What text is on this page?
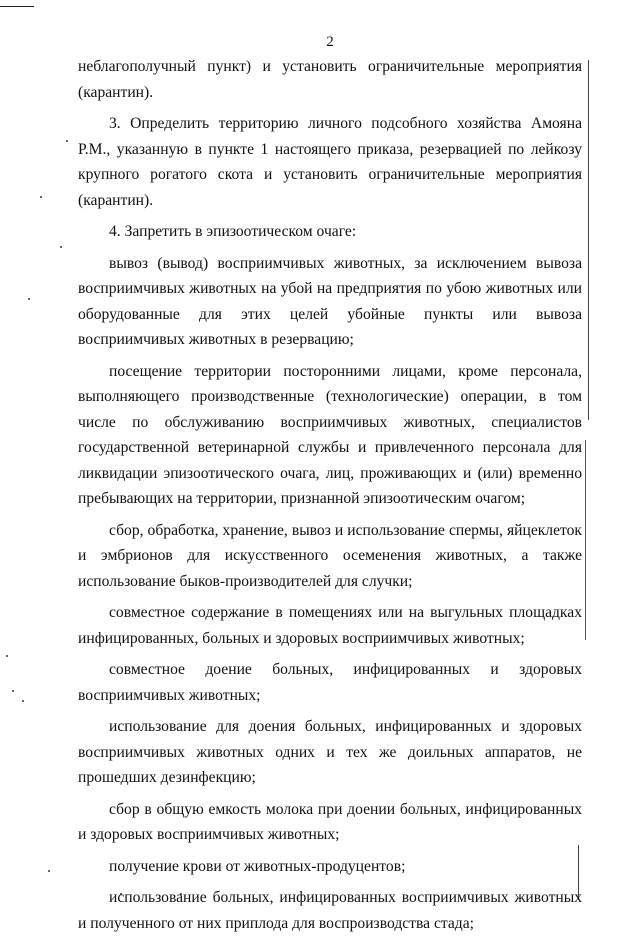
2

неблагополучный пункт) и установить ограничительные мероприятия (карантин).

3. Определить территорию личного подсобного хозяйства Амояна Р.М., указанную в пункте 1 настоящего приказа, резервацией по лейкозу крупного рогатого скота и установить ограничительные мероприятия (карантин).

4. Запретить в эпизоотическом очаге:

вывоз (вывод) восприимчивых животных, за исключением вывоза восприимчивых животных на убой на предприятия по убою животных или оборудованные для этих целей убойные пункты или вывоза восприимчивых животных в резервацию;

посещение территории посторонними лицами, кроме персонала, выполняющего производственные (технологические) операции, в том числе по обслуживанию восприимчивых животных, специалистов государственной ветеринарной службы и привлеченного персонала для ликвидации эпизоотического очага, лиц, проживающих и (или) временно пребывающих на территории, признанной эпизоотическим очагом;

сбор, обработка, хранение, вывоз и использование спермы, яйцеклеток и эмбрионов для искусственного осеменения животных, а также использование быков-производителей для случки;

совместное содержание в помещениях или на выгульных площадках инфицированных, больных и здоровых восприимчивых животных;

совместное доение больных, инфицированных и здоровых восприимчивых животных;

использование для доения больных, инфицированных и здоровых восприимчивых животных одних и тех же доильных аппаратов, не прошедших дезинфекцию;

сбор в общую емкость молока при доении больных, инфицированных и здоровых восприимчивых животных;

получение крови от животных-продуцентов;

использование больных, инфицированных восприимчивых животных и полученного от них приплода для воспроизводства стада;
